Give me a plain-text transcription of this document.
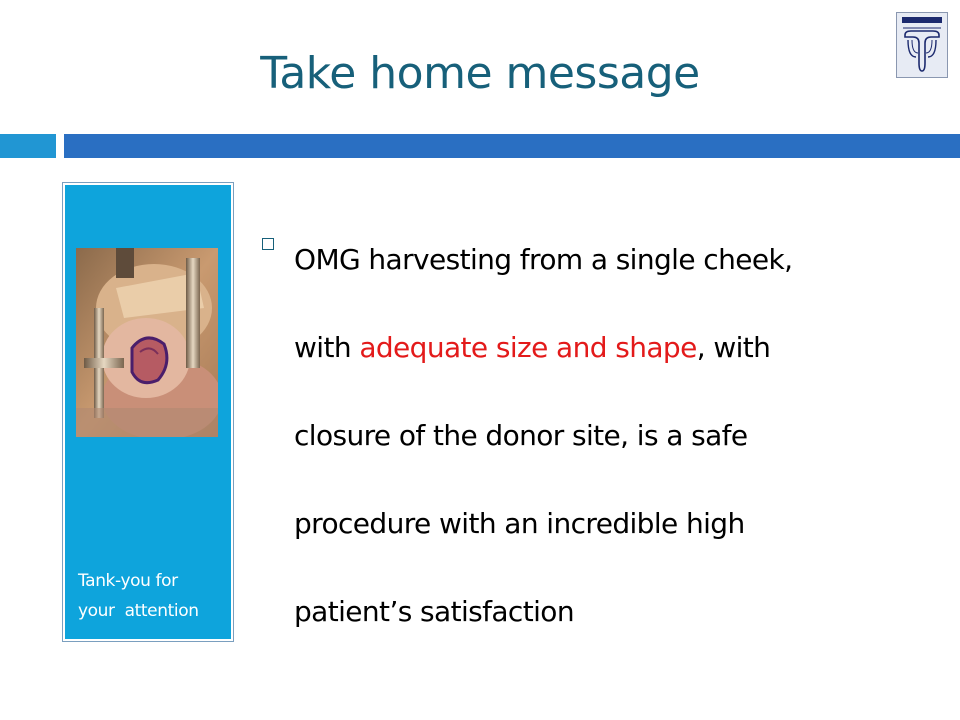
Take home message

Tank-you for
your  attention

OMG harvesting from a single cheek,
with adequate size and shape, with
closure of the donor site, is a safe
procedure with an incredible high
patient’s satisfaction
